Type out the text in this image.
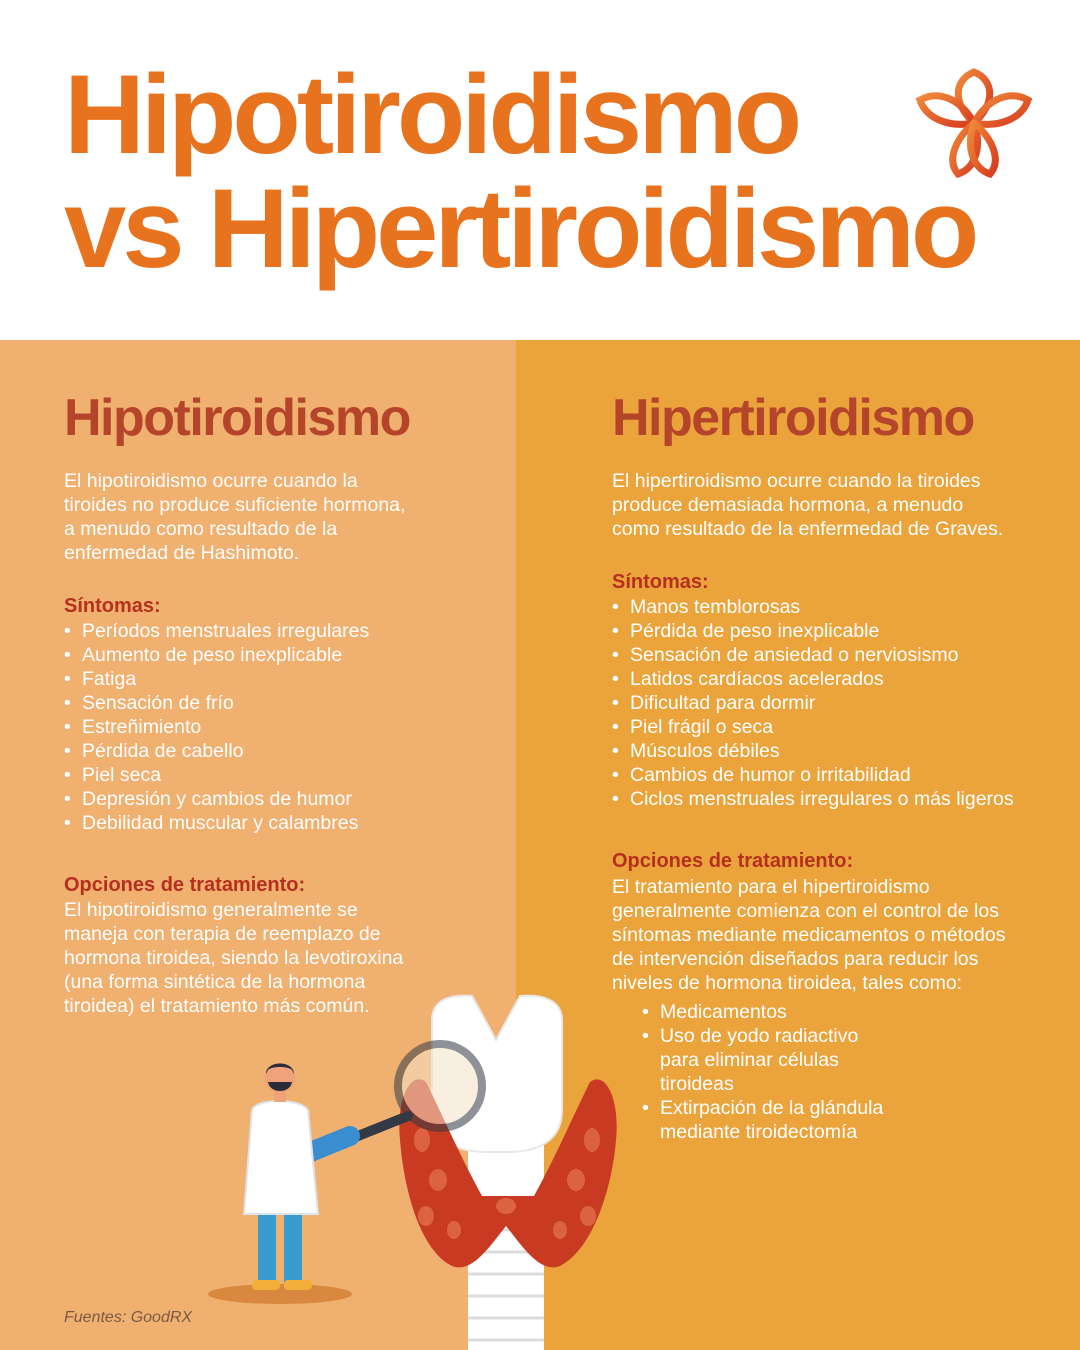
Hipotiroidismo
vs Hipertiroidismo
Hipotiroidismo

El hipotiroidismo ocurre cuando la
tiroides no produce suficiente hormona,
a menudo como resultado de la
enfermedad de Hashimoto.

Síntomas:

• Períodos menstruales irregulares
• Aumento de peso inexplicable
• Fatiga
• Sensación de frío
• Estreñimiento
• Pérdida de cabello
• Piel seca
• Depresión y cambios de humor
• Debilidad muscular y calambres

Opciones de tratamiento:

El hipotiroidismo generalmente se
maneja con terapia de reemplazo de
hormona tiroidea, siendo la levotiroxina
(una forma sintética de la hormona
tiroidea) el tratamiento más común.

Hipertiroidismo

El hipertiroidismo ocurre cuando la tiroides
produce demasiada hormona, a menudo
como resultado de la enfermedad de Graves.

Síntomas:

• Manos temblorosas
• Pérdida de peso inexplicable
• Sensación de ansiedad o nerviosismo
• Latidos cardíacos acelerados
• Dificultad para dormir
• Piel frágil o seca
• Músculos débiles
• Cambios de humor o irritabilidad
• Ciclos menstruales irregulares o más ligeros

Opciones de tratamiento:

El tratamiento para el hipertiroidismo
generalmente comienza con el control de los
síntomas mediante medicamentos o métodos
de intervención diseñados para reducir los
niveles de hormona tiroidea, tales como:

• Medicamentos
• Uso de yodo radiactivo
para eliminar células
tiroideas
• Extirpación de la glándula
mediante tiroidectomía

Fuentes: GoodRX
